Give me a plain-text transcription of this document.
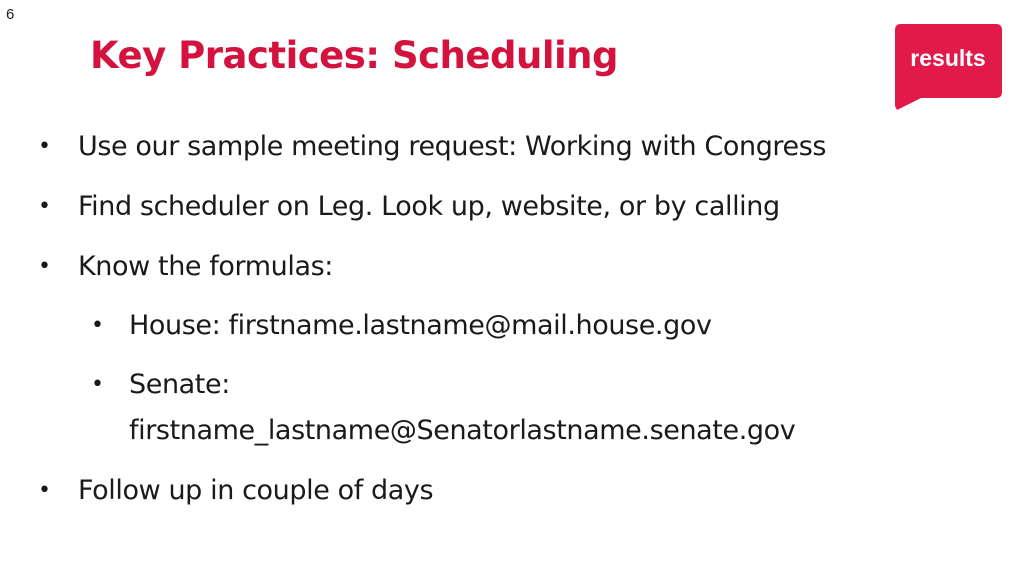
6
Key Practices: Scheduling	results
• Use our sample meeting request: Working with Congress
• Find scheduler on Leg. Look up, website, or by calling
• Know the formulas:
• House: firstname.lastname@mail.house.gov
• Senate:
firstname_lastname@Senatorlastname.senate.gov
• Follow up in couple of days
